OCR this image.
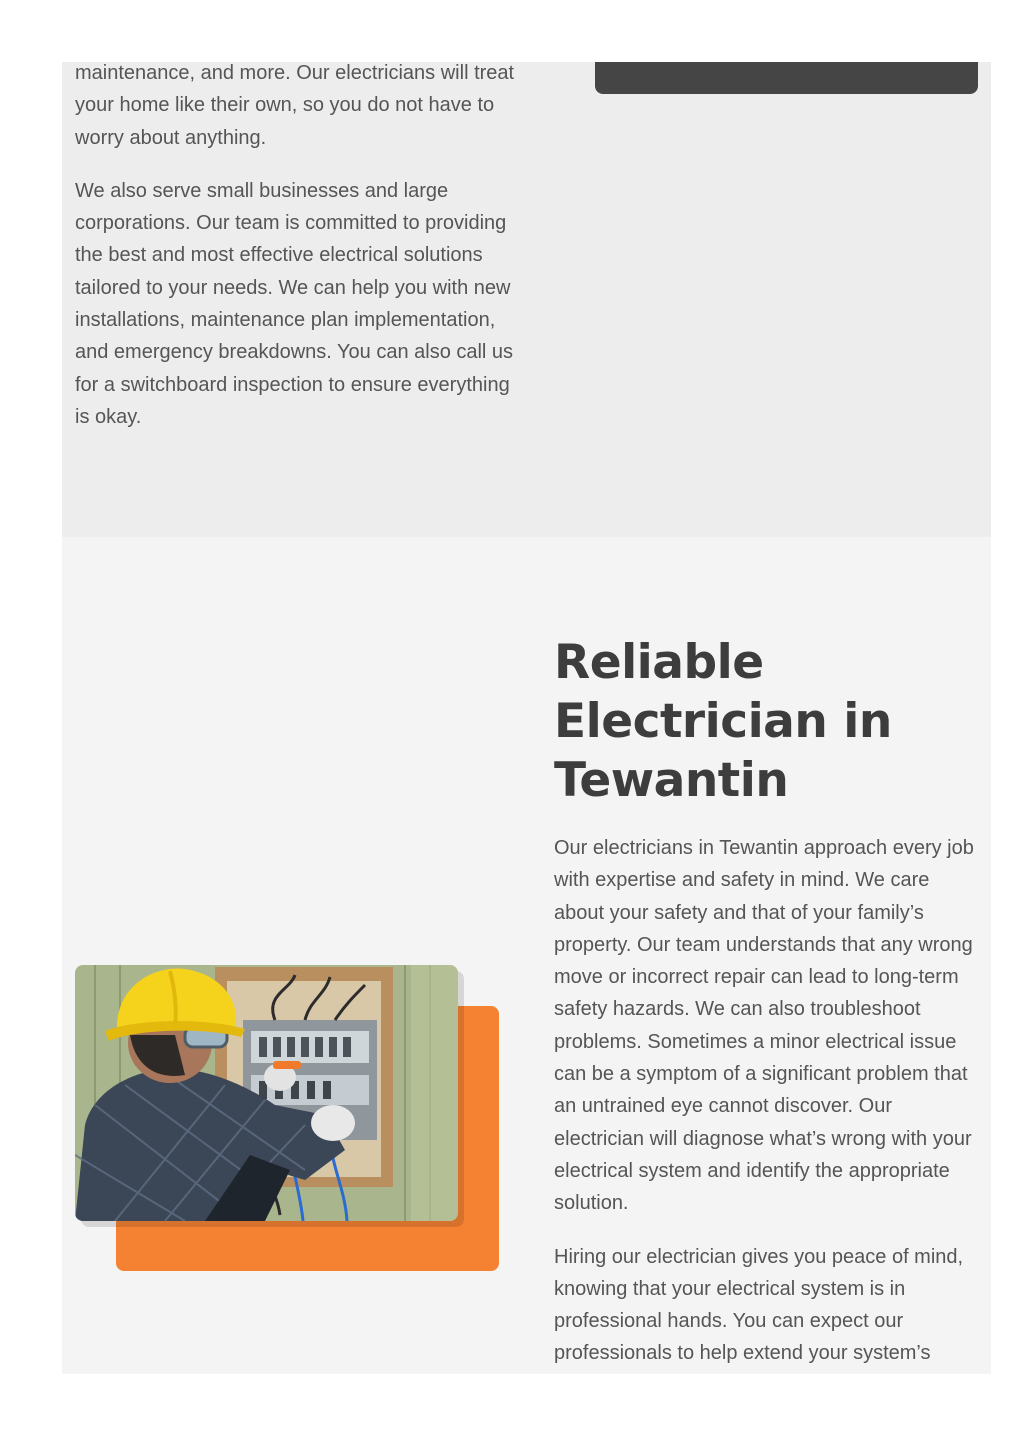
maintenance, and more. Our electricians will treat your home like their own, so you do not have to worry about anything.

We also serve small businesses and large corporations. Our team is committed to providing the best and most effective electrical solutions tailored to your needs. We can help you with new installations, maintenance plan implementation, and emergency breakdowns. You can also call us for a switchboard inspection to ensure everything is okay.

Reliable Electrician in Tewantin

Our electricians in Tewantin approach every job with expertise and safety in mind. We care about your safety and that of your family’s property. Our team understands that any wrong move or incorrect repair can lead to long-term safety hazards. We can also troubleshoot problems. Sometimes a minor electrical issue can be a symptom of a significant problem that an untrained eye cannot discover. Our electrician will diagnose what’s wrong with your electrical system and identify the appropriate solution.

Hiring our electrician gives you peace of mind, knowing that your electrical system is in professional hands. You can expect our professionals to help extend your system’s
